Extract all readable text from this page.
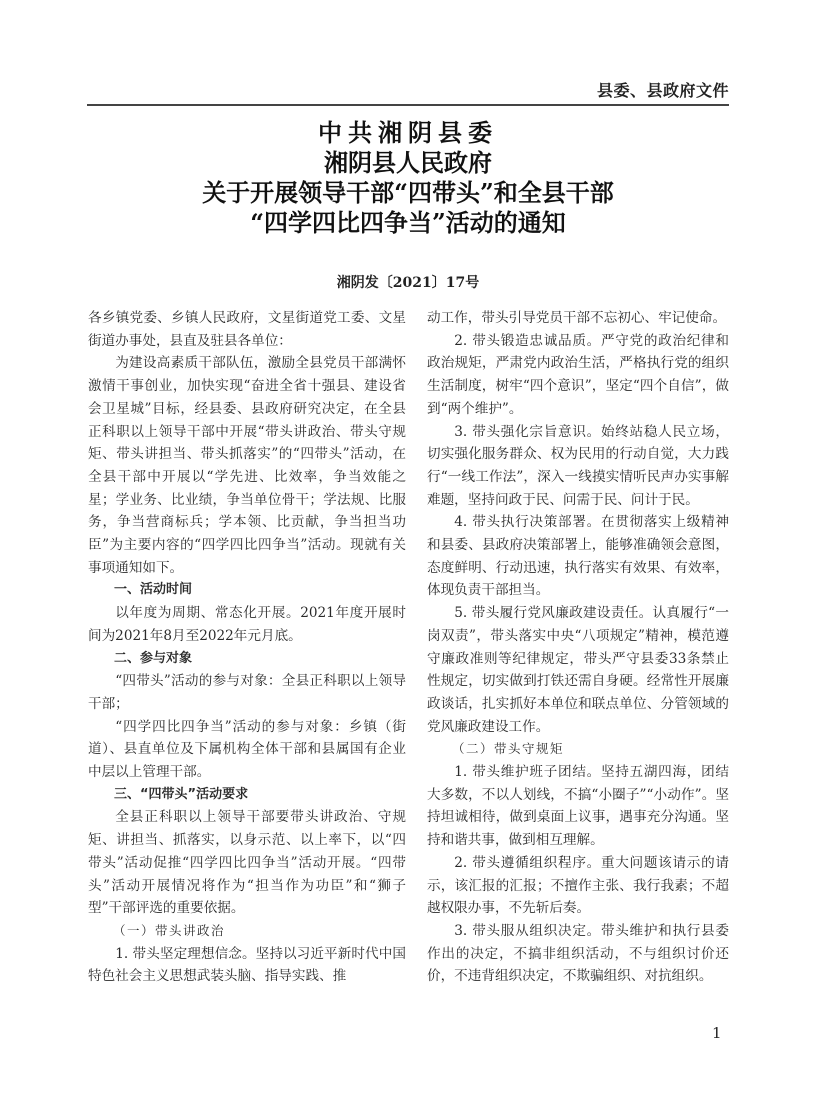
县委、县政府文件

中共湘阴县委

湘阴县人民政府

关于开展领导干部“四带头”和全县干部

“四学四比四争当”活动的通知

湘阴发〔2021〕17号

各乡镇党委、乡镇人民政府，文星街道党工委、文星街道办事处，县直及驻县各单位：

为建设高素质干部队伍，激励全县党员干部满怀激情干事创业，加快实现“奋进全省十强县、建设省会卫星城”目标，经县委、县政府研究决定，在全县正科职以上领导干部中开展“带头讲政治、带头守规矩、带头讲担当、带头抓落实”的“四带头”活动，在全县干部中开展以“学先进、比效率，争当效能之星；学业务、比业绩，争当单位骨干；学法规、比服务，争当营商标兵；学本领、比贡献，争当担当功臣”为主要内容的“四学四比四争当”活动。现就有关事项通知如下。

一、活动时间

以年度为周期、常态化开展。2021年度开展时间为2021年8月至2022年元月底。

二、参与对象

“四带头”活动的参与对象：全县正科职以上领导干部；

“四学四比四争当”活动的参与对象：乡镇（街道）、县直单位及下属机构全体干部和县属国有企业中层以上管理干部。

三、“四带头”活动要求

全县正科职以上领导干部要带头讲政治、守规矩、讲担当、抓落实，以身示范、以上率下，以“四带头”活动促推“四学四比四争当”活动开展。“四带头”活动开展情况将作为“担当作为功臣”和“狮子型”干部评选的重要依据。

（一）带头讲政治

1. 带头坚定理想信念。坚持以习近平新时代中国特色社会主义思想武装头脑、指导实践、推

动工作，带头引导党员干部不忘初心、牢记使命。

2. 带头锻造忠诚品质。严守党的政治纪律和政治规矩，严肃党内政治生活，严格执行党的组织生活制度，树牢“四个意识”，坚定“四个自信”，做到“两个维护”。

3. 带头强化宗旨意识。始终站稳人民立场，切实强化服务群众、权为民用的行动自觉，大力践行“一线工作法”，深入一线摸实情听民声办实事解难题，坚持问政于民、问需于民、问计于民。

4. 带头执行决策部署。在贯彻落实上级精神和县委、县政府决策部署上，能够准确领会意图，态度鲜明、行动迅速，执行落实有效果、有效率，体现负责干部担当。

5. 带头履行党风廉政建设责任。认真履行“一岗双责”，带头落实中央“八项规定”精神，模范遵守廉政准则等纪律规定，带头严守县委33条禁止性规定，切实做到打铁还需自身硬。经常性开展廉政谈话，扎实抓好本单位和联点单位、分管领域的党风廉政建设工作。

（二）带头守规矩

1. 带头维护班子团结。坚持五湖四海，团结大多数，不以人划线，不搞“小圈子”“小动作”。坚持坦诚相待，做到桌面上议事，遇事充分沟通。坚持和谐共事，做到相互理解。

2. 带头遵循组织程序。重大问题该请示的请示，该汇报的汇报；不擅作主张、我行我素；不超越权限办事，不先斩后奏。

3. 带头服从组织决定。带头维护和执行县委作出的决定，不搞非组织活动，不与组织讨价还价，不违背组织决定，不欺骗组织、对抗组织。

1
